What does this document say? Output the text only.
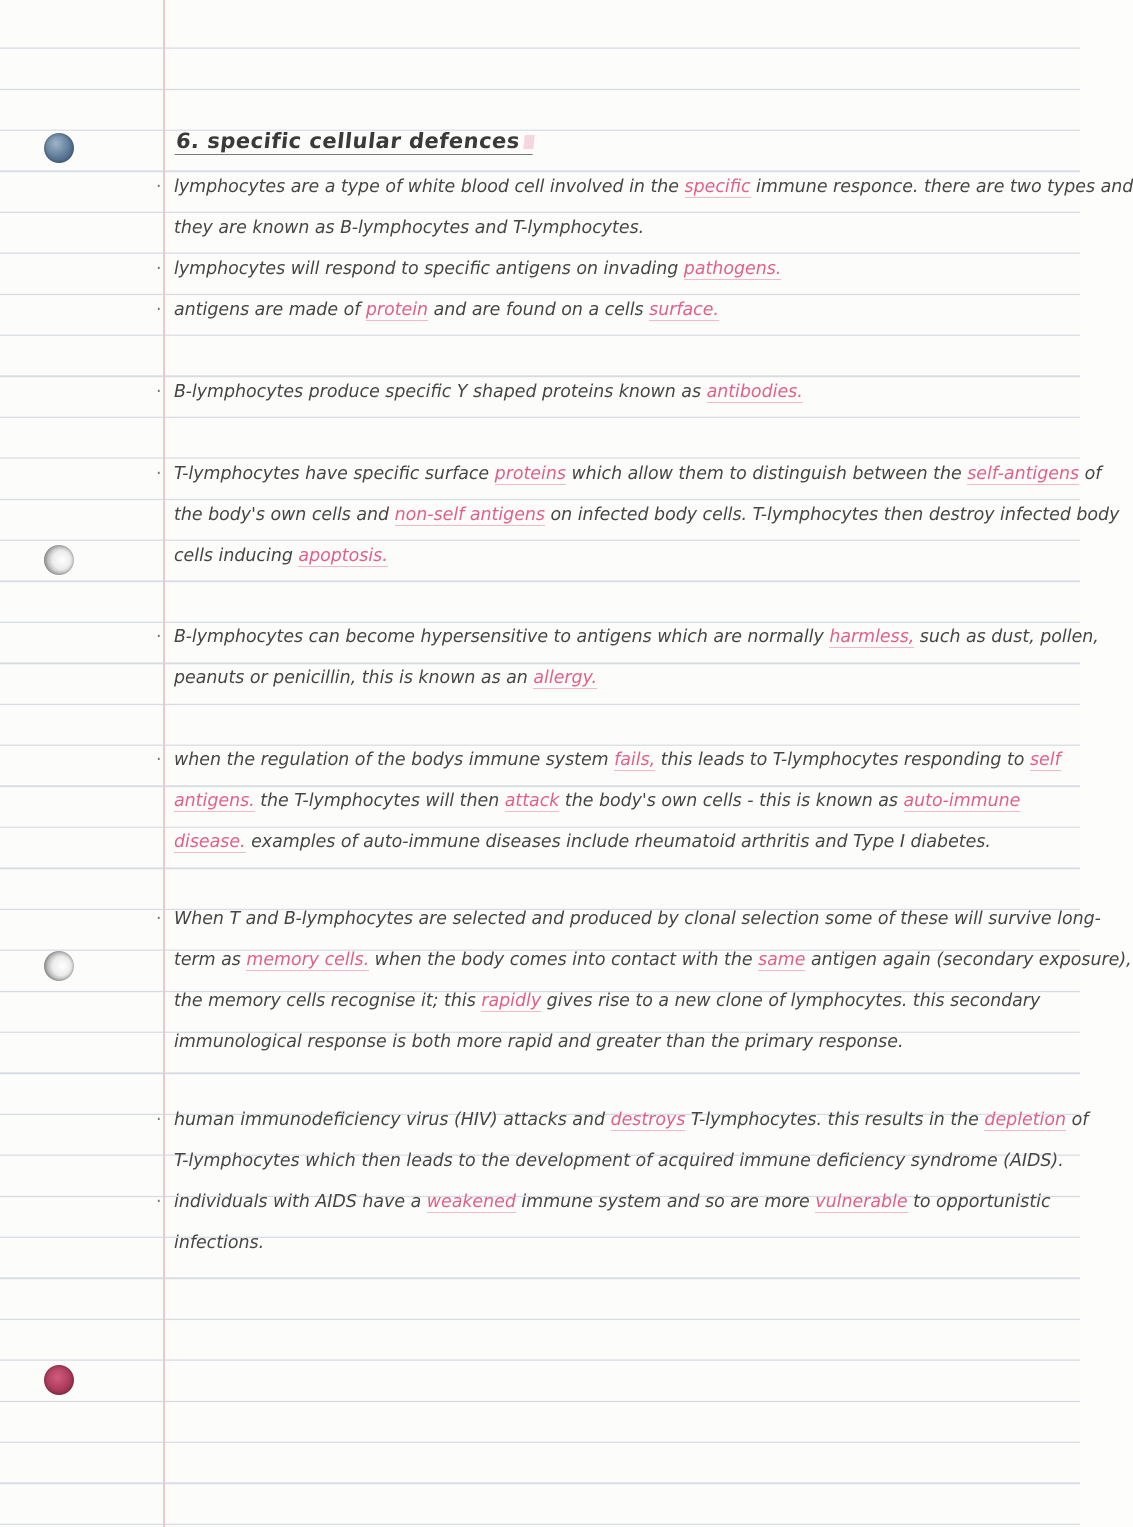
6. specific cellular defences
· lymphocytes are a type of white blood cell involved in the specific immune responce. there are two types and
they are known as B-lymphocytes and T-lymphocytes.
· lymphocytes will respond to specific antigens on invading pathogens.
· antigens are made of protein and are found on a cells surface.
· B-lymphocytes produce specific Y shaped proteins known as antibodies.
· T-lymphocytes have specific surface proteins which allow them to distinguish between the self-antigens of
the body's own cells and non-self antigens on infected body cells. T-lymphocytes then destroy infected body
cells inducing apoptosis.
· B-lymphocytes can become hypersensitive to antigens which are normally harmless, such as dust, pollen,
peanuts or penicillin, this is known as an allergy.
· when the regulation of the bodys immune system fails, this leads to T-lymphocytes responding to self
antigens. the T-lymphocytes will then attack the body's own cells - this is known as auto-immune
disease. examples of auto-immune diseases include rheumatoid arthritis and Type I diabetes.
· When T and B-lymphocytes are selected and produced by clonal selection some of these will survive long-
term as memory cells. when the body comes into contact with the same antigen again (secondary exposure),
the memory cells recognise it; this rapidly gives rise to a new clone of lymphocytes. this secondary
immunological response is both more rapid and greater than the primary response.
· human immunodeficiency virus (HIV) attacks and destroys T-lymphocytes. this results in the depletion of
T-lymphocytes which then leads to the development of acquired immune deficiency syndrome (AIDS).
· individuals with AIDS have a weakened immune system and so are more vulnerable to opportunistic
infections.
